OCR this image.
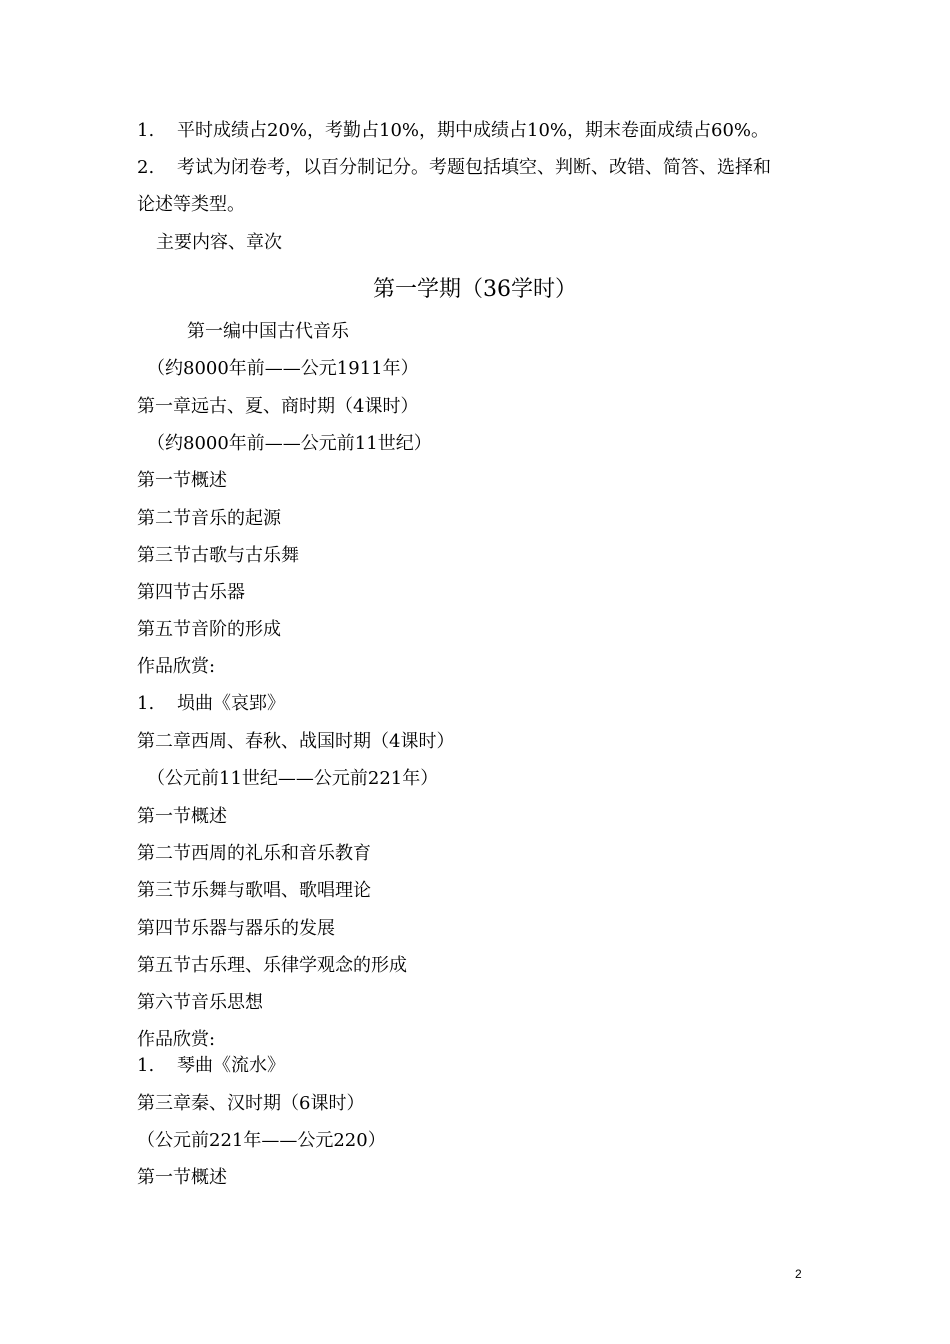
1. 平时成绩占20%，考勤占10%，期中成绩占10%，期末卷面成绩占60%。
2. 考试为闭卷考，以百分制记分。考题包括填空、判断、改错、简答、选择和
论述等类型。
主要内容、章次
第一学期（36学时）
第一编中国古代音乐
（约8000年前——公元1911年）
第一章远古、夏、商时期（4课时）
（约8000年前——公元前11世纪）
第一节概述
第二节音乐的起源
第三节古歌与古乐舞
第四节古乐器
第五节音阶的形成
作品欣赏:
1. 埙曲《哀郢》
第二章西周、春秋、战国时期（4课时）
（公元前11世纪——公元前221年）
第一节概述
第二节西周的礼乐和音乐教育
第三节乐舞与歌唱、歌唱理论
第四节乐器与器乐的发展
第五节古乐理、乐律学观念的形成
第六节音乐思想
作品欣赏:
1. 琴曲《流水》
第三章秦、汉时期（6课时）
（公元前221年——公元220）
第一节概述
2
